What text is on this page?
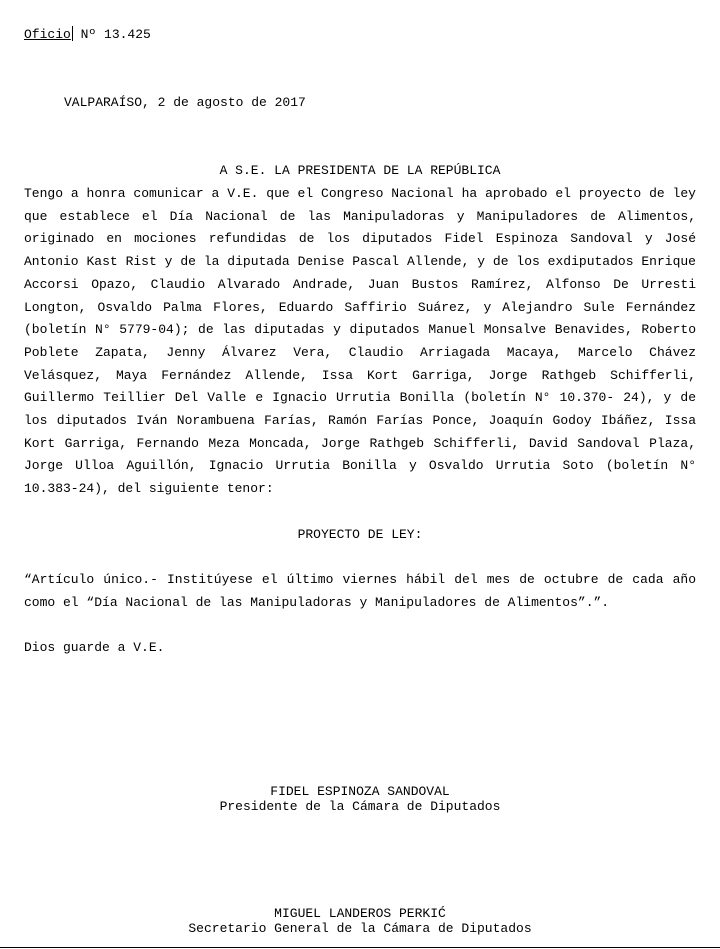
Oficio Nº 13.425
VALPARAÍSO, 2 de agosto de 2017
A S.E. LA PRESIDENTA DE LA REPÚBLICA

Tengo a honra comunicar a V.E. que el Congreso Nacional ha aprobado el proyecto de ley que establece el Día Nacional de las Manipuladoras y Manipuladores de Alimentos, originado en mociones refundidas de los diputados Fidel Espinoza Sandoval y José Antonio Kast Rist y de la diputada Denise Pascal Allende, y de los exdiputados Enrique Accorsi Opazo, Claudio Alvarado Andrade, Juan Bustos Ramírez, Alfonso De Urresti Longton, Osvaldo Palma Flores, Eduardo Saffirio Suárez, y Alejandro Sule Fernández (boletín N° 5779-04); de las diputadas y diputados Manuel Monsalve Benavides, Roberto Poblete Zapata, Jenny Álvarez Vera, Claudio Arriagada Macaya, Marcelo Chávez Velásquez, Maya Fernández Allende, Issa Kort Garriga, Jorge Rathgeb Schifferli, Guillermo Teillier Del Valle e Ignacio Urrutia Bonilla (boletín N° 10.370- 24), y de los diputados Iván Norambuena Farías, Ramón Farías Ponce, Joaquín Godoy Ibáñez, Issa Kort Garriga, Fernando Meza Moncada, Jorge Rathgeb Schifferli, David Sandoval Plaza, Jorge Ulloa Aguillón, Ignacio Urrutia Bonilla y Osvaldo Urrutia Soto (boletín N° 10.383-24), del siguiente tenor:

PROYECTO DE LEY:

“Artículo único.- Institúyese el último viernes hábil del mes de octubre de cada año como el “Día Nacional de las Manipuladoras y Manipuladores de Alimentos”.”.

Dios guarde a V.E.
FIDEL ESPINOZA SANDOVAL
Presidente de la Cámara de Diputados
MIGUEL LANDEROS PERKIĆ
Secretario General de la Cámara de Diputados
